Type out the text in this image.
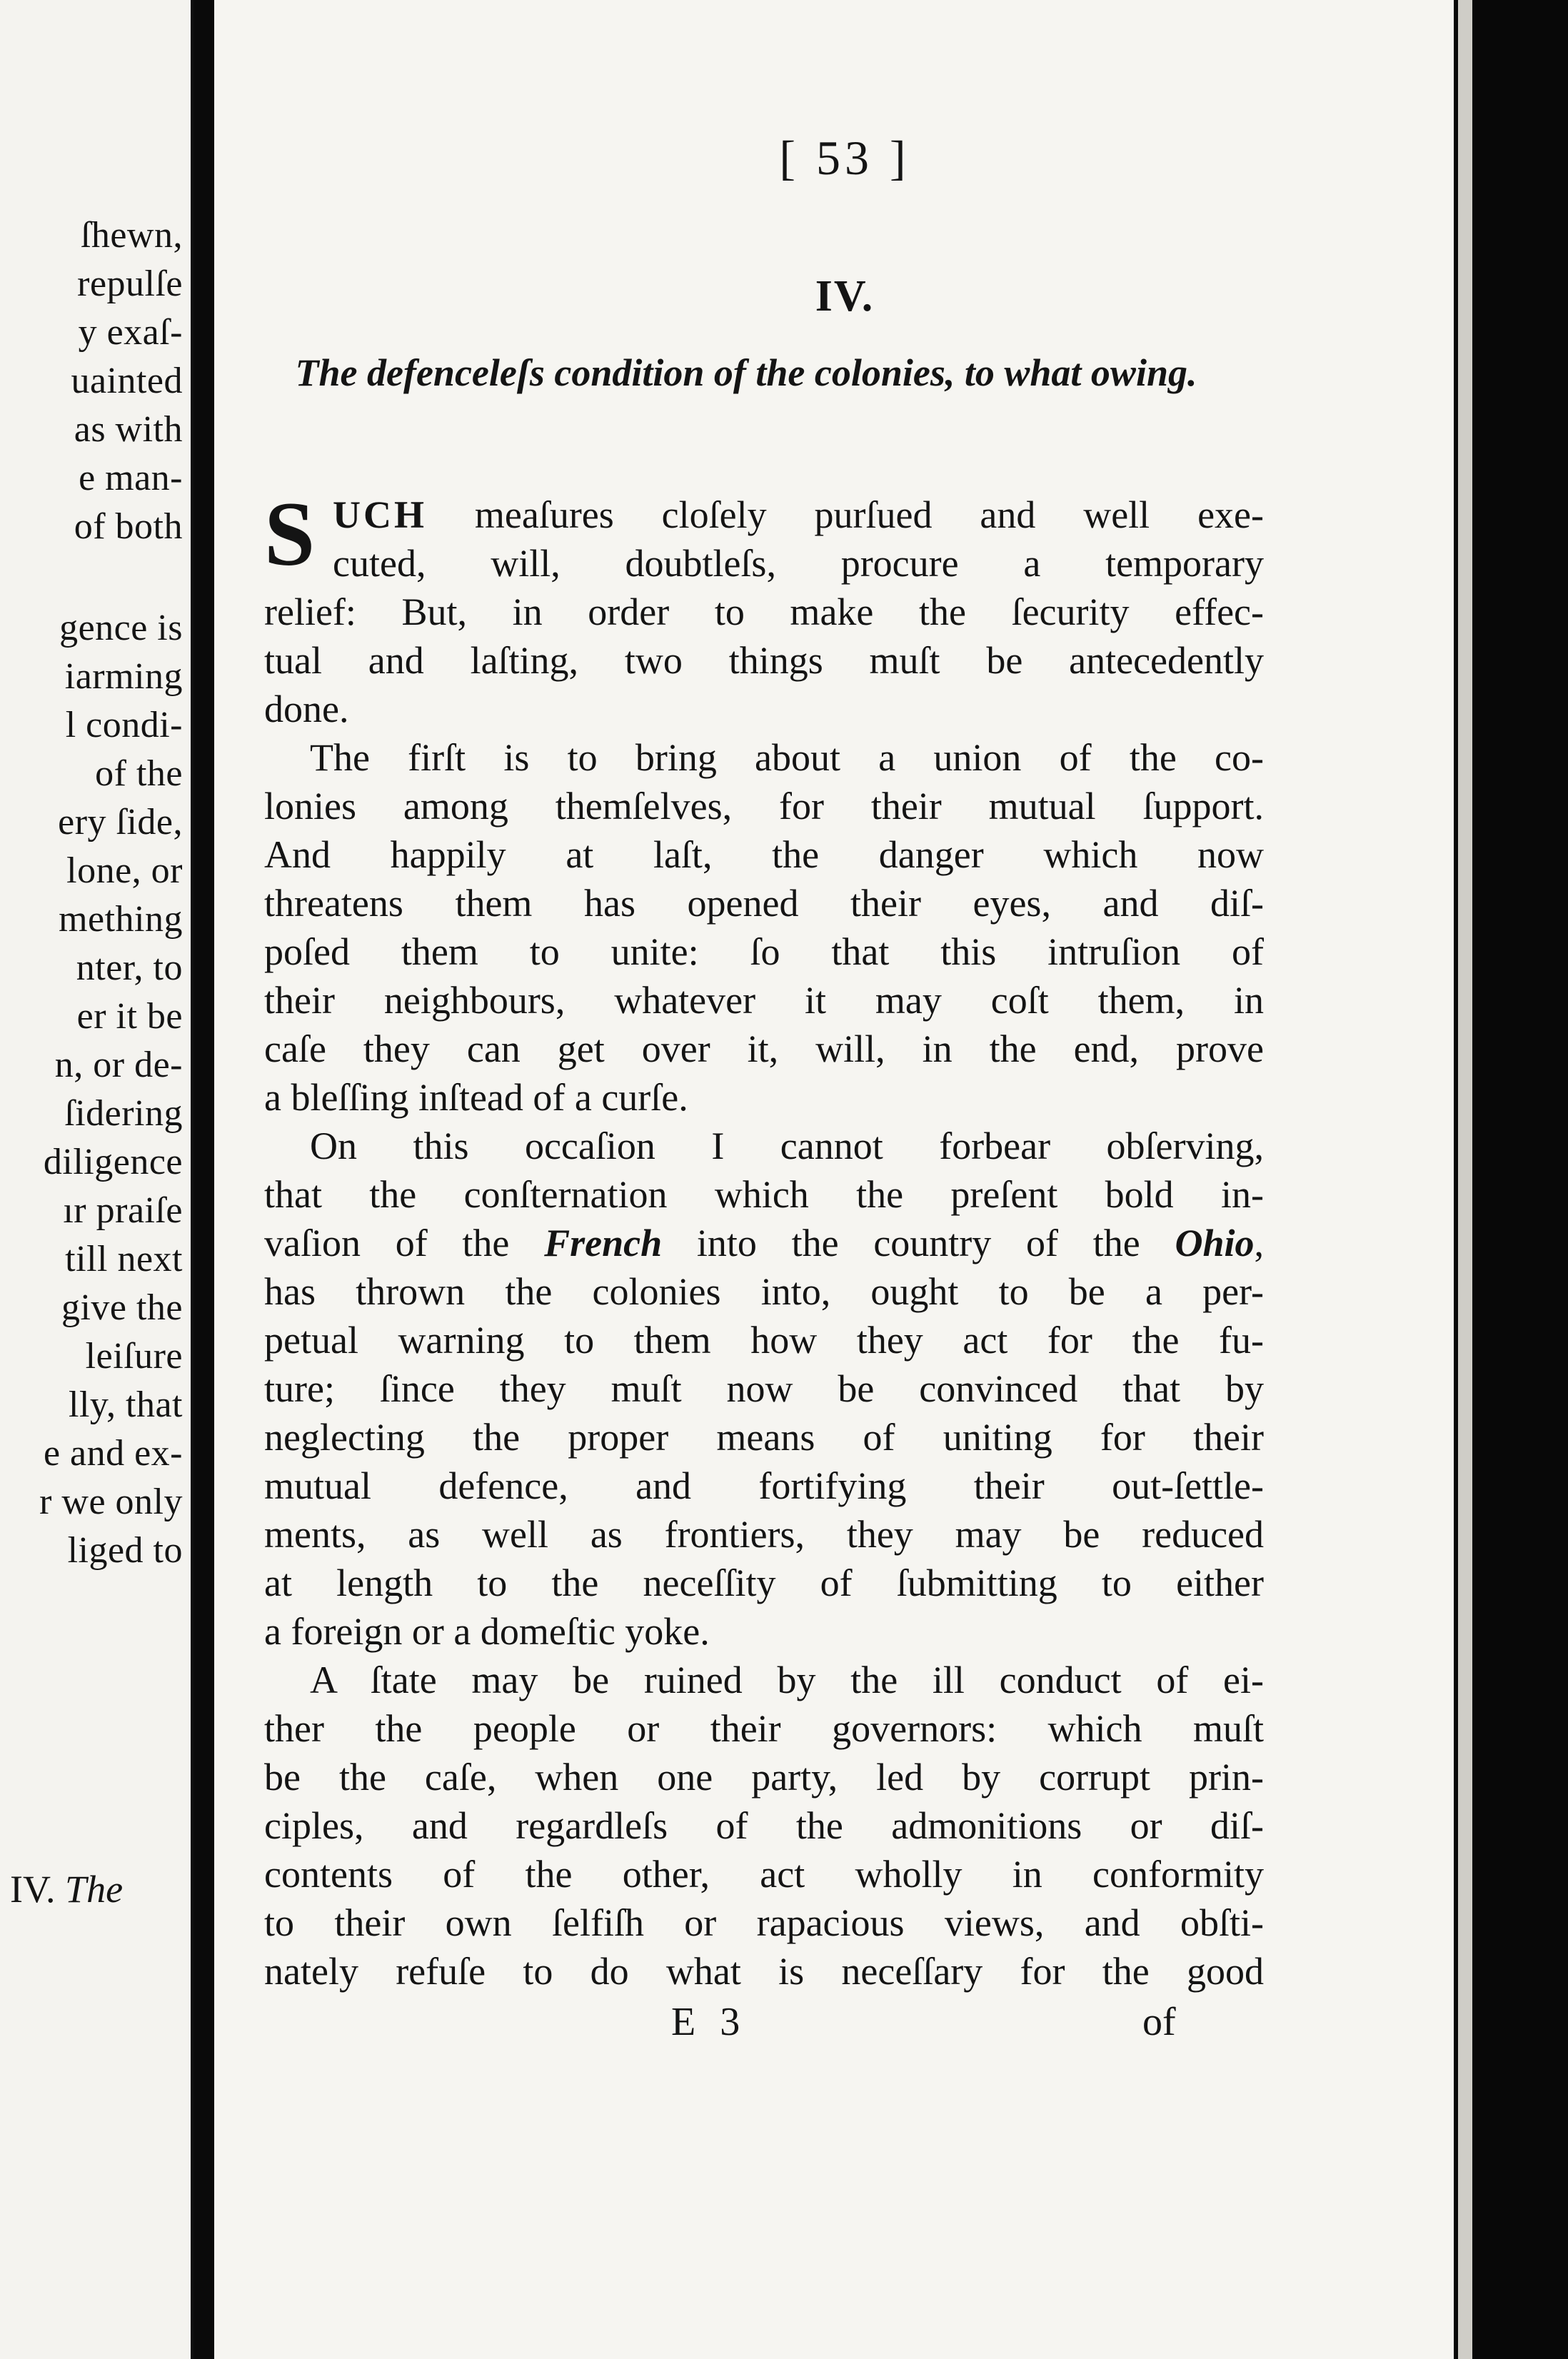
ſhewn,
repulſe
y exaſ-
uainted
as with
e man-
of both
gence is
iarming
l condi-
of the
ery ſide,
lone, or
mething
nter, to
er it be
n, or de-
ſidering
diligence
ır praiſe
till next
give the
leiſure
lly, that
e and ex-
r we only
liged to
IV. The
[ 53 ]
IV.
The defenceleſs condition of the colonies, to what owing.
S UCH meaſures cloſely purſued and well exe-
cuted, will, doubtleſs, procure a temporary
relief: But, in order to make the ſecurity effec-
tual and laſting, two things muſt be antecedently
done.
The firſt is to bring about a union of the co-
lonies among themſelves, for their mutual ſupport.
And happily at laſt, the danger which now
threatens them has opened their eyes, and diſ-
poſed them to unite: ſo that this intruſion of
their neighbours, whatever it may coſt them, in
caſe they can get over it, will, in the end, prove
a bleſſing inſtead of a curſe.
On this occaſion I cannot forbear obſerving,
that the conſternation which the preſent bold in-
vaſion of the French into the country of the Ohio,
has thrown the colonies into, ought to be a per-
petual warning to them how they act for the fu-
ture; ſince they muſt now be convinced that by
neglecting the proper means of uniting for their
mutual defence, and fortifying their out-ſettle-
ments, as well as frontiers, they may be reduced
at length to the neceſſity of ſubmitting to either
a foreign or a domeſtic yoke.
A ſtate may be ruined by the ill conduct of ei-
ther the people or their governors: which muſt
be the caſe, when one party, led by corrupt prin-
ciples, and regardleſs of the admonitions or diſ-
contents of the other, act wholly in conformity
to their own ſelfiſh or rapacious views, and obſti-
nately refuſe to do what is neceſſary for the good
E 3	of
